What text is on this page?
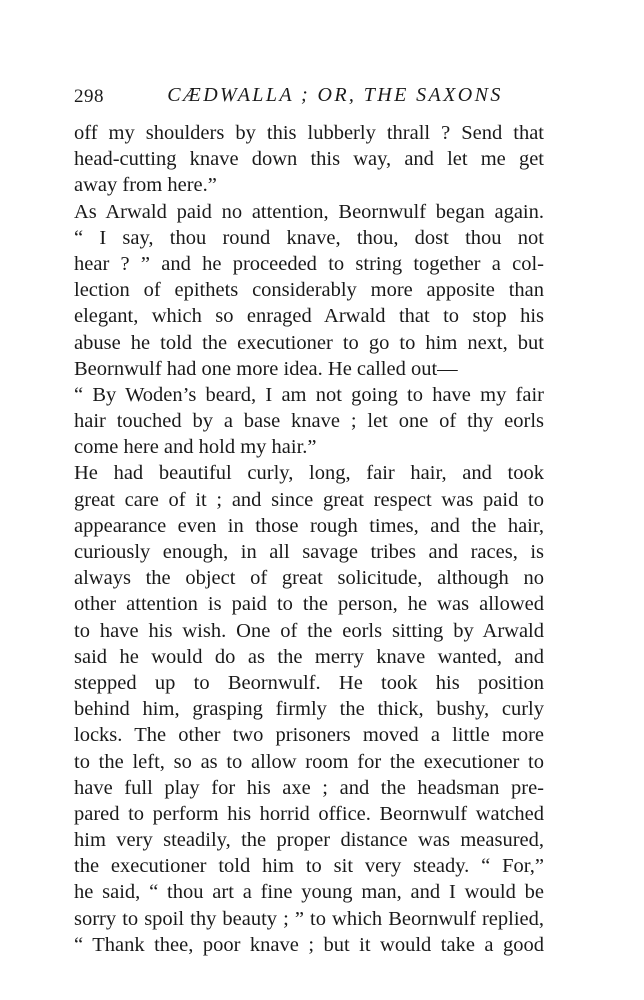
298	CÆDWALLA ; OR, THE SAXONS
off my shoulders by this lubberly thrall ? Send that
head-cutting knave down this way, and let me get
away from here.”
As Arwald paid no attention, Beornwulf began again.
“ I say, thou round knave, thou, dost thou not
hear ? ” and he proceeded to string together a col-
lection of epithets considerably more apposite than
elegant, which so enraged Arwald that to stop his
abuse he told the executioner to go to him next, but
Beornwulf had one more idea. He called out—
“ By Woden’s beard, I am not going to have my fair
hair touched by a base knave ; let one of thy eorls
come here and hold my hair.”
He had beautiful curly, long, fair hair, and took
great care of it ; and since great respect was paid to
appearance even in those rough times, and the hair,
curiously enough, in all savage tribes and races, is
always the object of great solicitude, although no
other attention is paid to the person, he was allowed
to have his wish. One of the eorls sitting by Arwald
said he would do as the merry knave wanted, and
stepped up to Beornwulf. He took his position
behind him, grasping firmly the thick, bushy, curly
locks. The other two prisoners moved a little more
to the left, so as to allow room for the executioner to
have full play for his axe ; and the headsman pre-
pared to perform his horrid office. Beornwulf watched
him very steadily, the proper distance was measured,
the executioner told him to sit very steady. “ For,”
he said, “ thou art a fine young man, and I would be
sorry to spoil thy beauty ; ” to which Beornwulf replied,
“ Thank thee, poor knave ; but it would take a good
